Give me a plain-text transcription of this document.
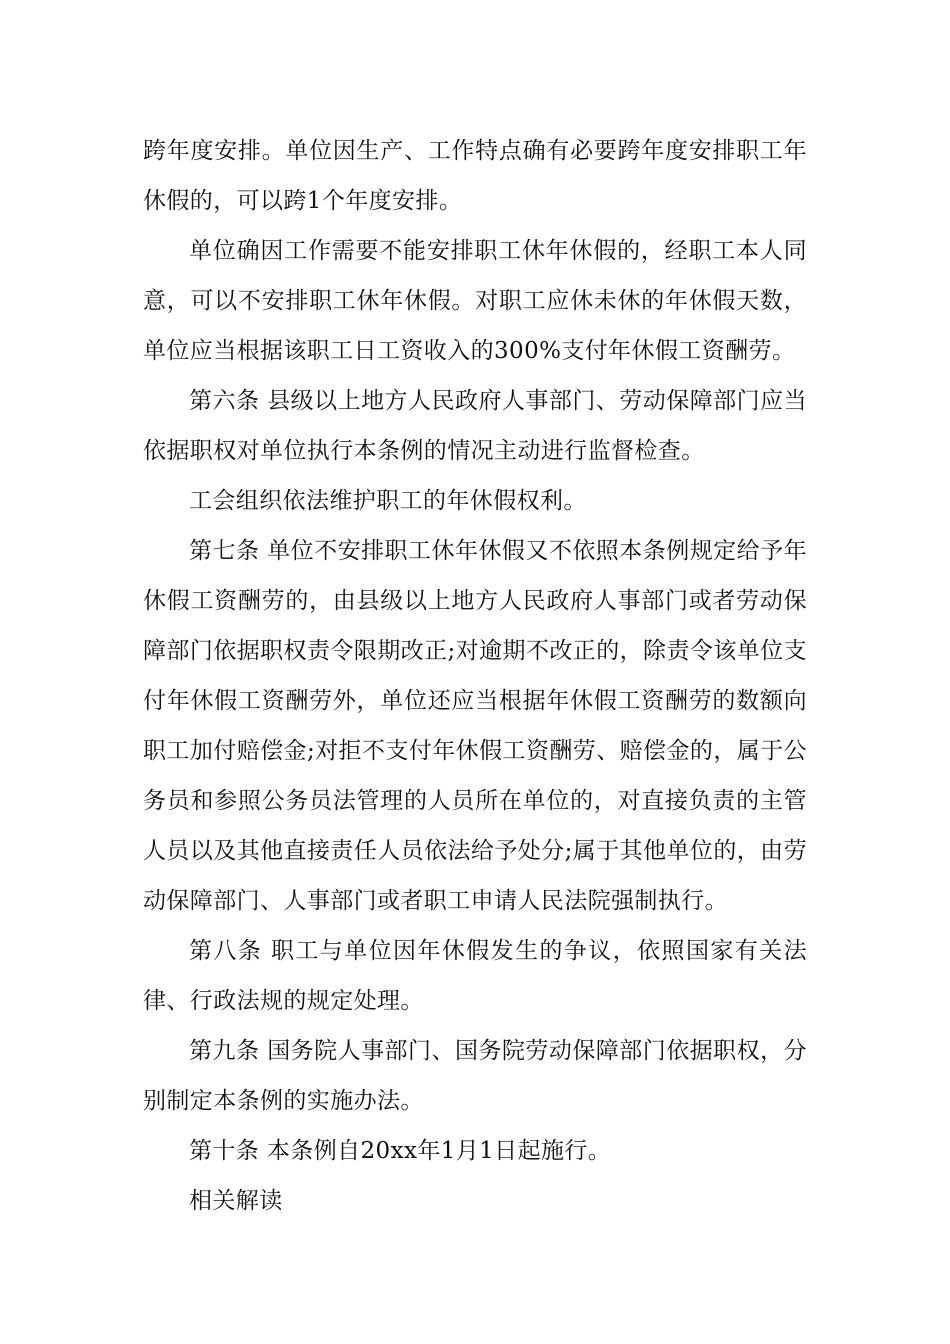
跨年度安排。单位因生产、工作特点确有必要跨年度安排职工年休假的，可以跨1个年度安排。

单位确因工作需要不能安排职工休年休假的，经职工本人同意，可以不安排职工休年休假。对职工应休未休的年休假天数，单位应当根据该职工日工资收入的300%支付年休假工资酬劳。

第六条 县级以上地方人民政府人事部门、劳动保障部门应当依据职权对单位执行本条例的情况主动进行监督检查。

工会组织依法维护职工的年休假权利。

第七条 单位不安排职工休年休假又不依照本条例规定给予年休假工资酬劳的，由县级以上地方人民政府人事部门或者劳动保障部门依据职权责令限期改正;对逾期不改正的，除责令该单位支付年休假工资酬劳外，单位还应当根据年休假工资酬劳的数额向职工加付赔偿金;对拒不支付年休假工资酬劳、赔偿金的，属于公务员和参照公务员法管理的人员所在单位的，对直接负责的主管人员以及其他直接责任人员依法给予处分;属于其他单位的，由劳动保障部门、人事部门或者职工申请人民法院强制执行。

第八条 职工与单位因年休假发生的争议，依照国家有关法律、行政法规的规定处理。

第九条 国务院人事部门、国务院劳动保障部门依据职权，分别制定本条例的实施办法。

第十条 本条例自20xx年1月1日起施行。

相关解读
